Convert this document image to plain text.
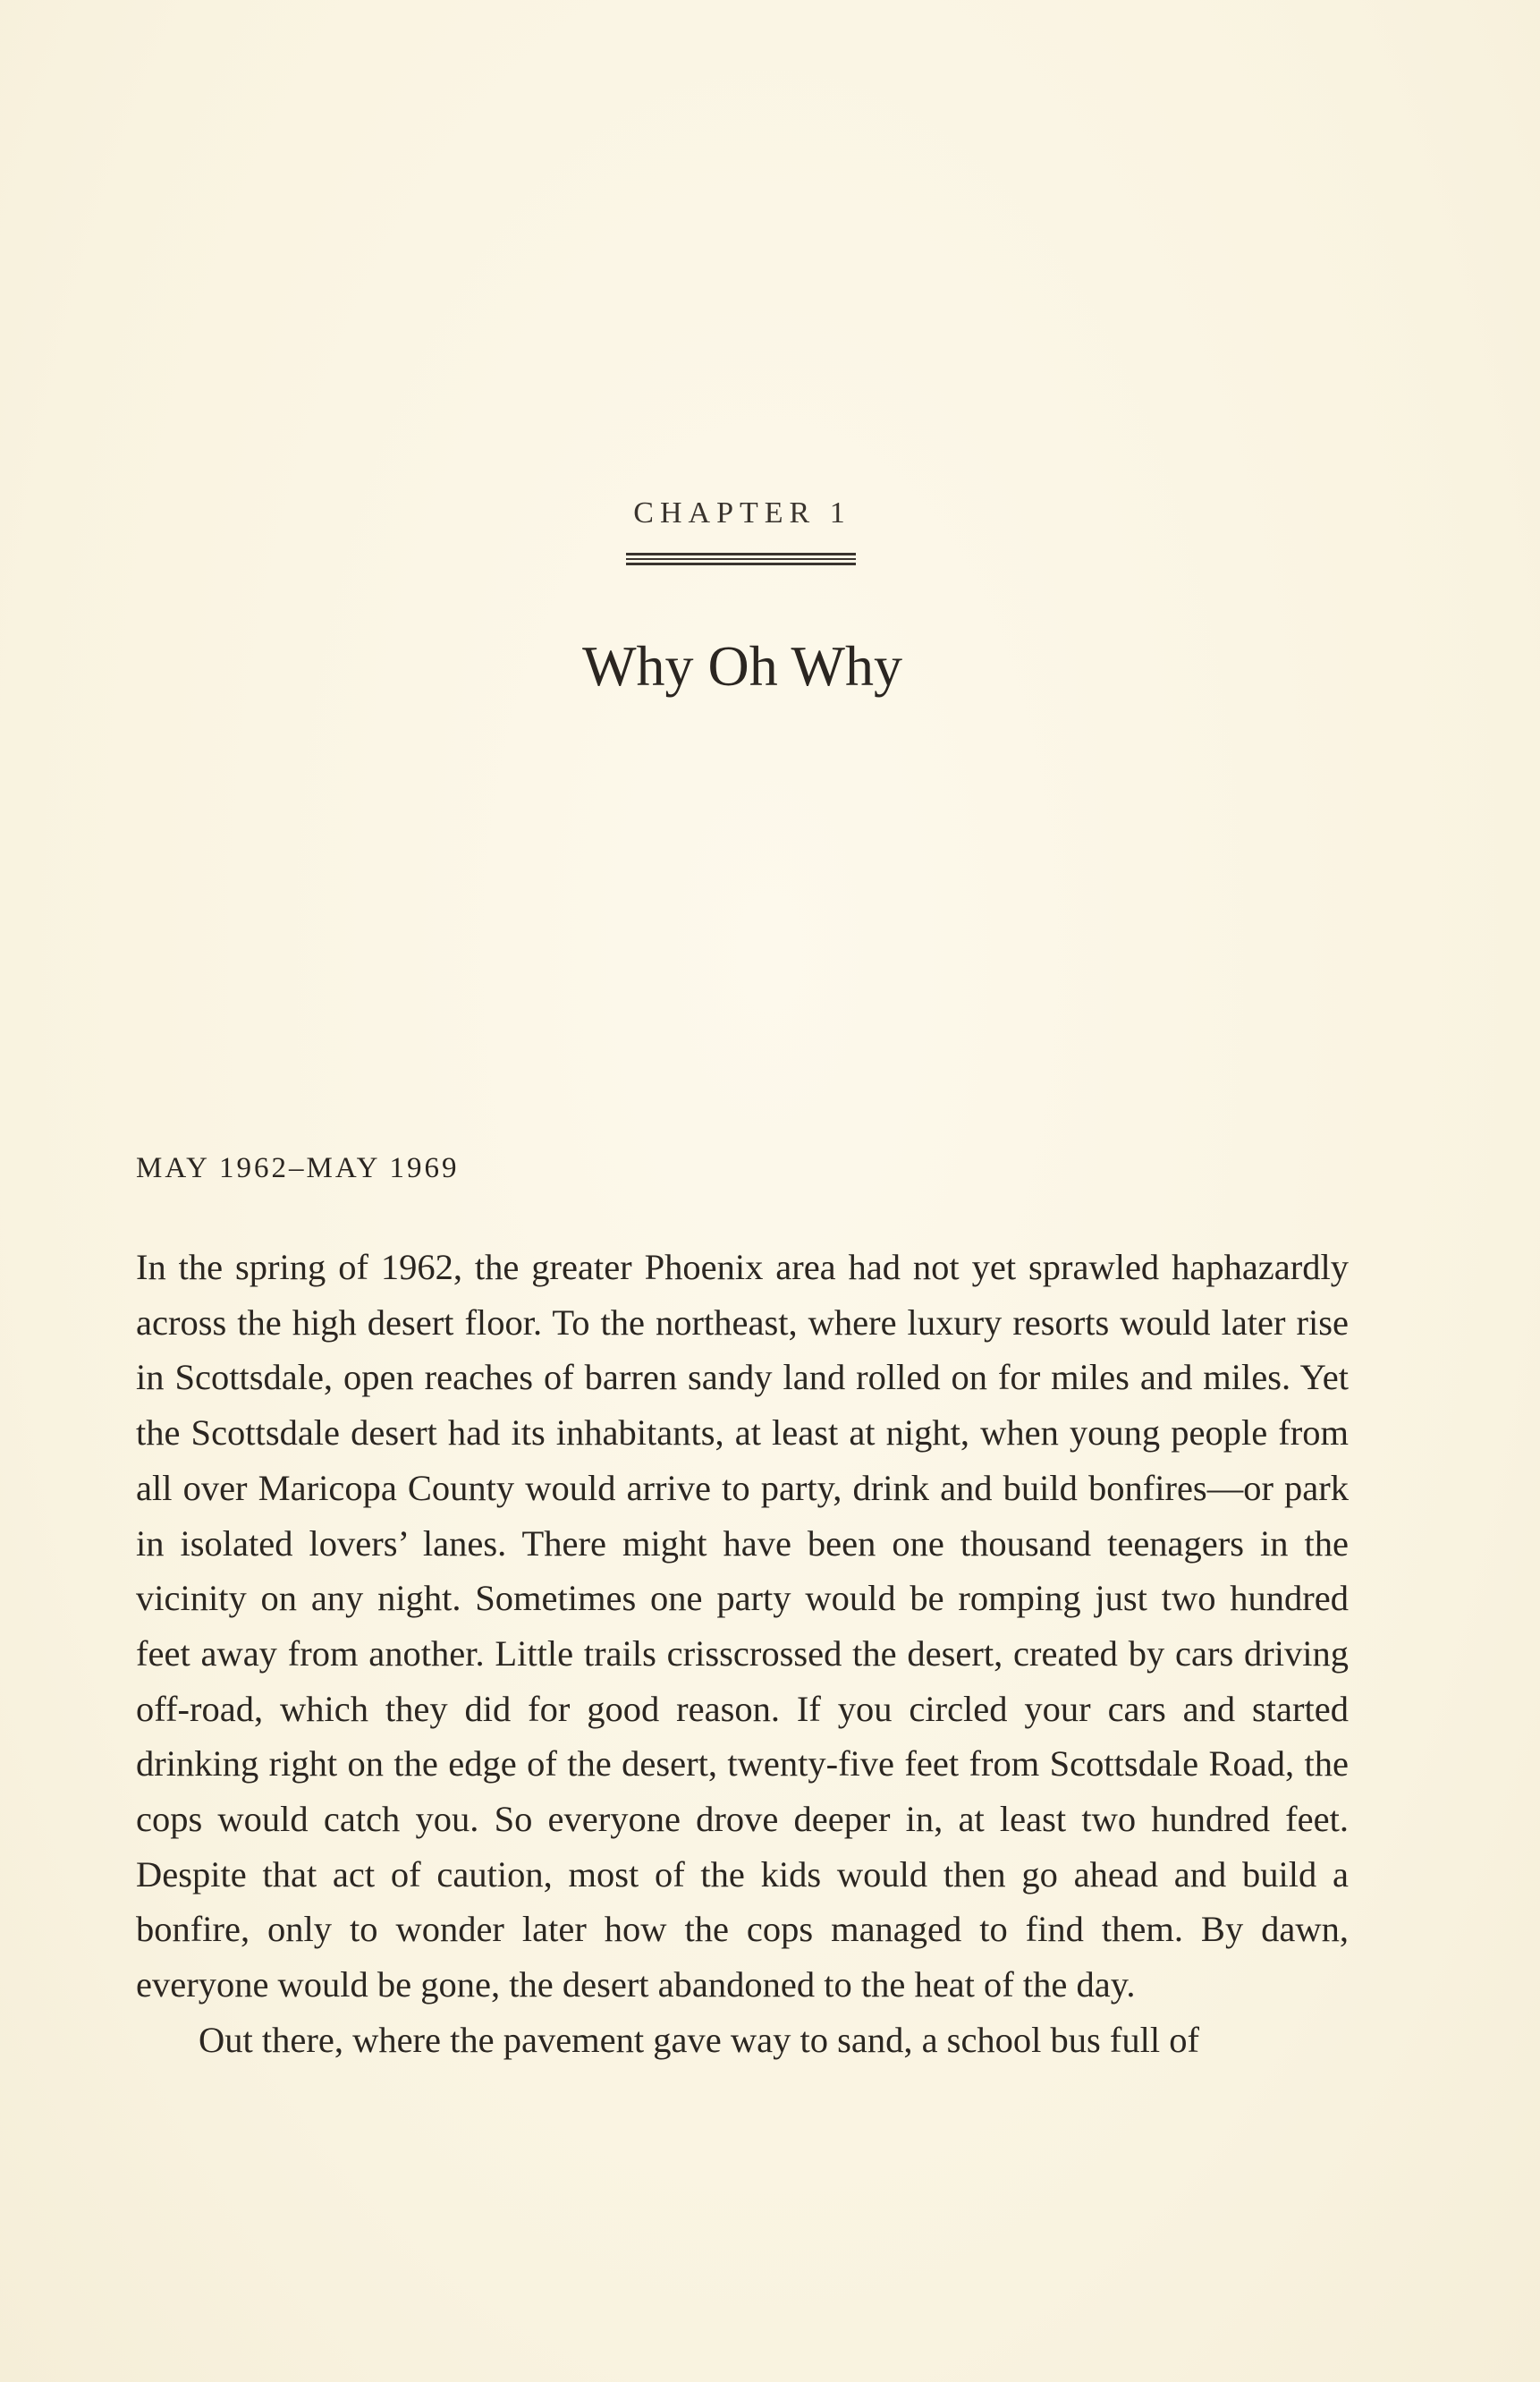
CHAPTER 1
Why Oh Why
MAY 1962–MAY 1969

In the spring of 1962, the greater Phoenix area had not yet sprawled haphazardly across the high desert floor. To the northeast, where luxury resorts would later rise in Scottsdale, open reaches of barren sandy land rolled on for miles and miles. Yet the Scottsdale desert had its inhabitants, at least at night, when young people from all over Maricopa County would arrive to party, drink and build bonfires—or park in isolated lovers’ lanes. There might have been one thousand teenagers in the vicinity on any night. Sometimes one party would be romping just two hundred feet away from another. Little trails crisscrossed the desert, created by cars driving off-road, which they did for good reason. If you circled your cars and started drinking right on the edge of the desert, twenty-five feet from Scottsdale Road, the cops would catch you. So everyone drove deeper in, at least two hundred feet. Despite that act of caution, most of the kids would then go ahead and build a bonfire, only to wonder later how the cops managed to find them. By dawn, everyone would be gone, the desert abandoned to the heat of the day.

Out there, where the pavement gave way to sand, a school bus full of
